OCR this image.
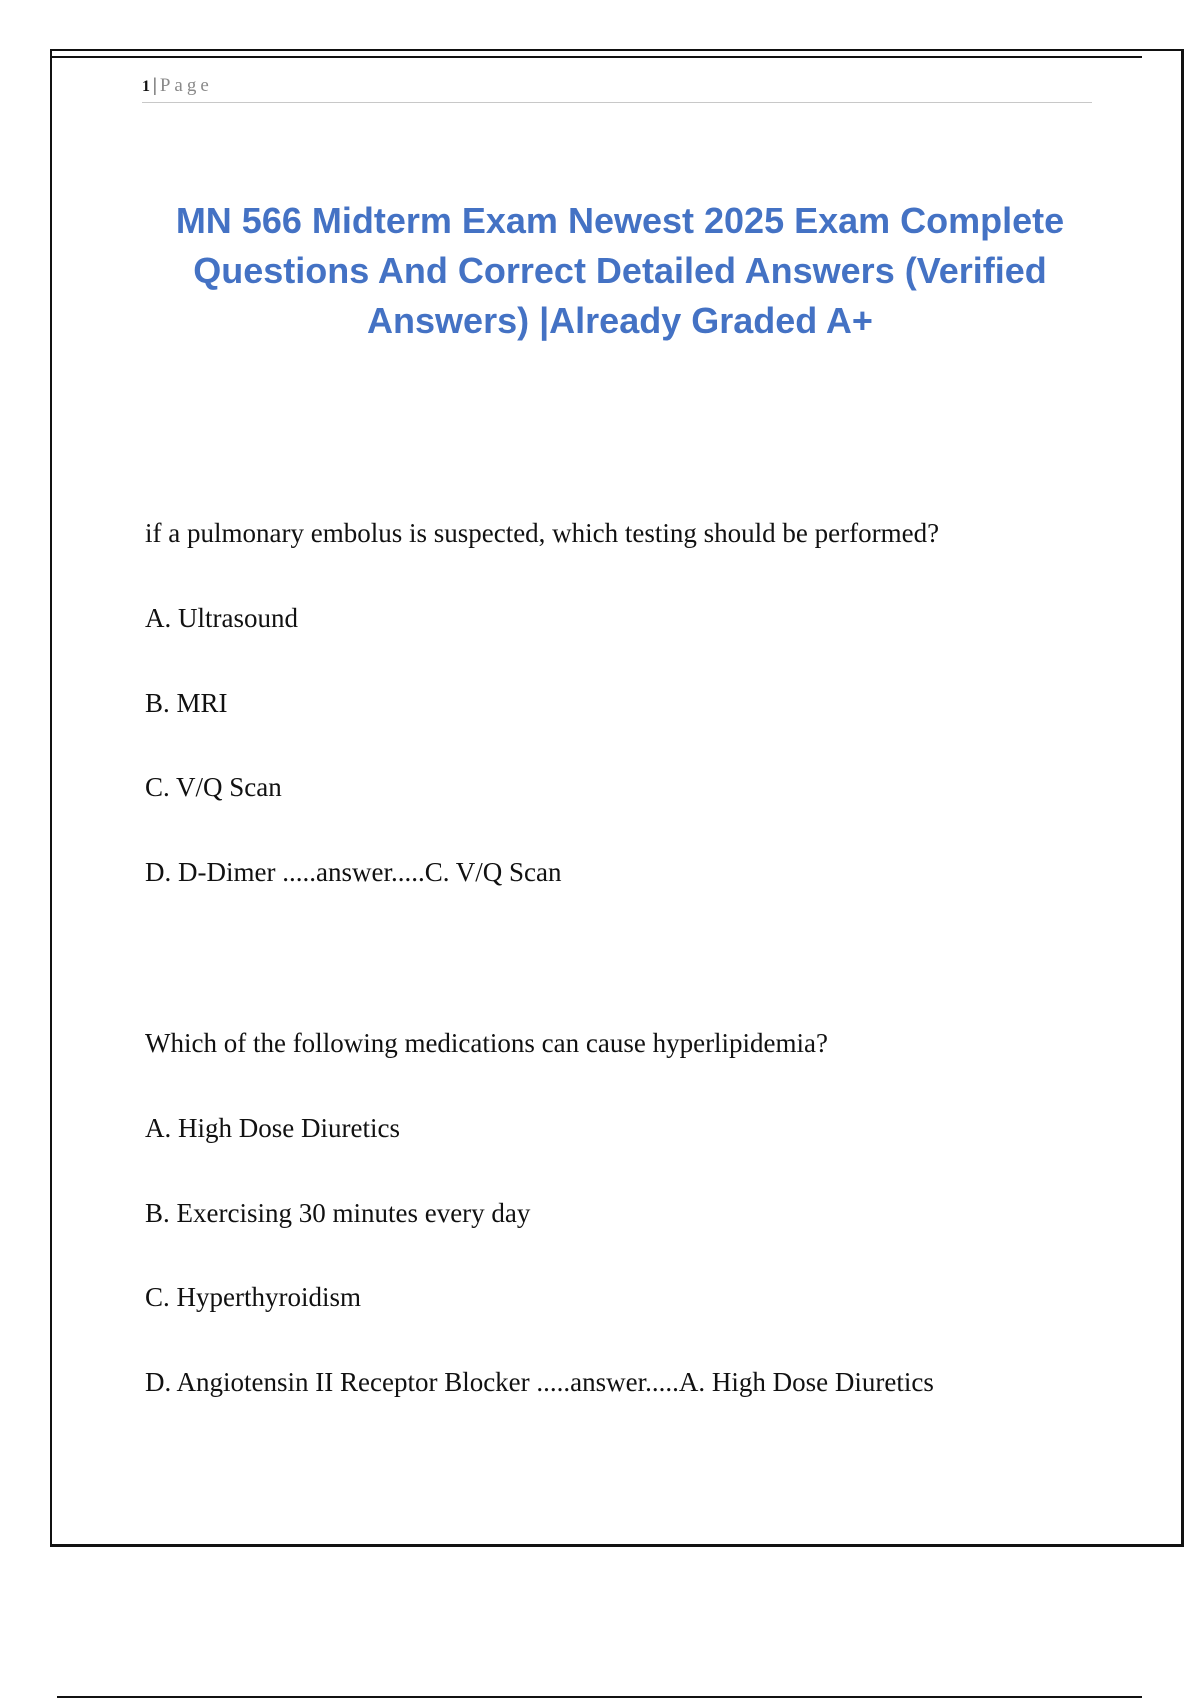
1 | Page
MN 566 Midterm Exam Newest 2025 Exam Complete Questions And Correct Detailed Answers (Verified Answers) |Already Graded A+

if a pulmonary embolus is suspected, which testing should be performed?

A. Ultrasound

B. MRI

C. V/Q Scan

D. D-Dimer .....answer.....C. V/Q Scan

Which of the following medications can cause hyperlipidemia?

A. High Dose Diuretics

B. Exercising 30 minutes every day

C. Hyperthyroidism

D. Angiotensin II Receptor Blocker .....answer.....A. High Dose Diuretics
